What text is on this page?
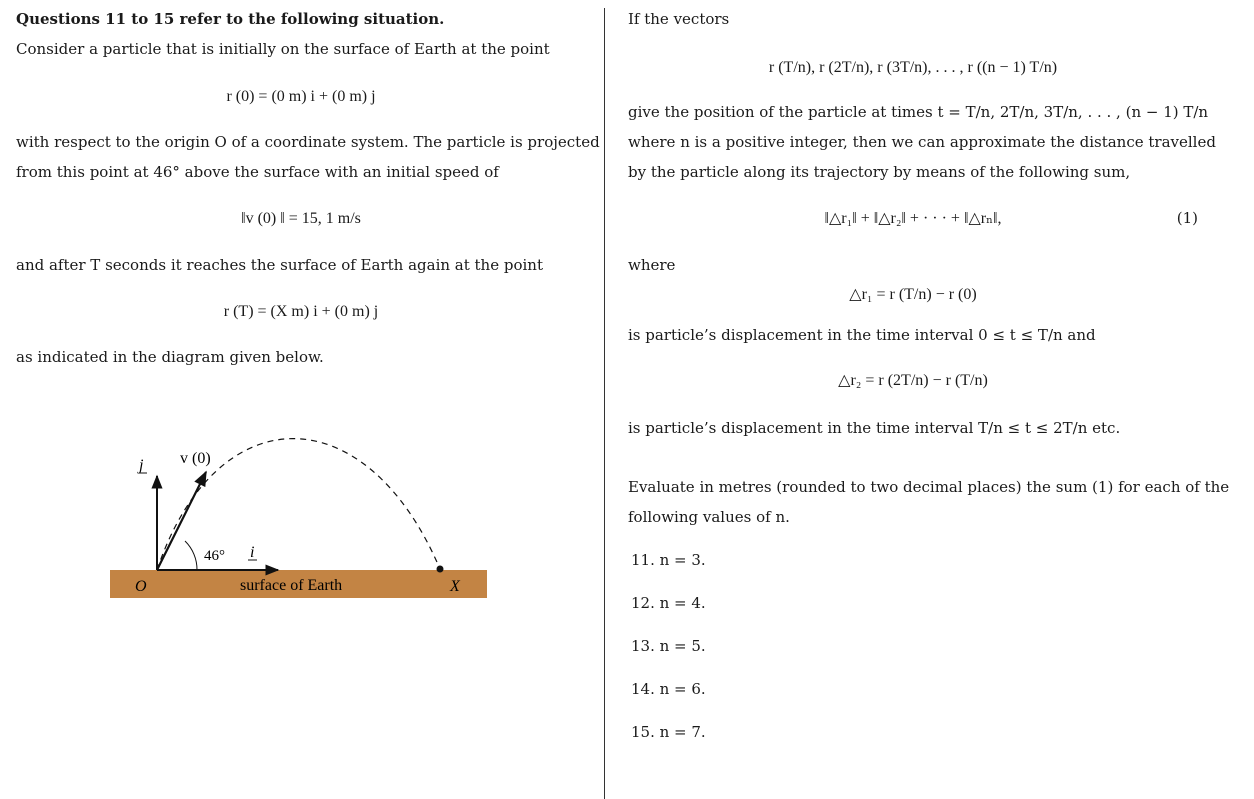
Questions 11 to 15 refer to the following situation.
Consider a particle that is initially on the surface of Earth at the point
r (0) = (0 m) i + (0 m) j
with respect to the origin O of a coordinate system. The particle is projected
from this point at 46° above the surface with an initial speed of
‖v (0) ‖ = 15, 1 m/s
and after T seconds it reaches the surface of Earth again at the point
r (T) = (X m) i + (0 m) j
as indicated in the diagram given below.
j v (0)
46° i
O	surface of Earth	X
If the vectors
r (T/n), r (2T/n), r (3T/n), . . . , r ((n − 1) T/n)
give the position of the particle at times t = T/n, 2T/n, 3T/n, . . . , (n − 1) T/n
where n is a positive integer, then we can approximate the distance travelled
by the particle along its trajectory by means of the following sum,
‖△r₁‖ + ‖△r₂‖ + · · · + ‖△rₙ‖,	(1)
where
△r₁ = r (T/n) − r (0)
is particle’s displacement in the time interval 0 ≤ t ≤ T/n and
△r₂ = r (2T/n) − r (T/n)
is particle’s displacement in the time interval T/n ≤ t ≤ 2T/n etc.
Evaluate in metres (rounded to two decimal places) the sum (1) for each of the
following values of n.
11. n = 3.
12. n = 4.
13. n = 5.
14. n = 6.
15. n = 7.
